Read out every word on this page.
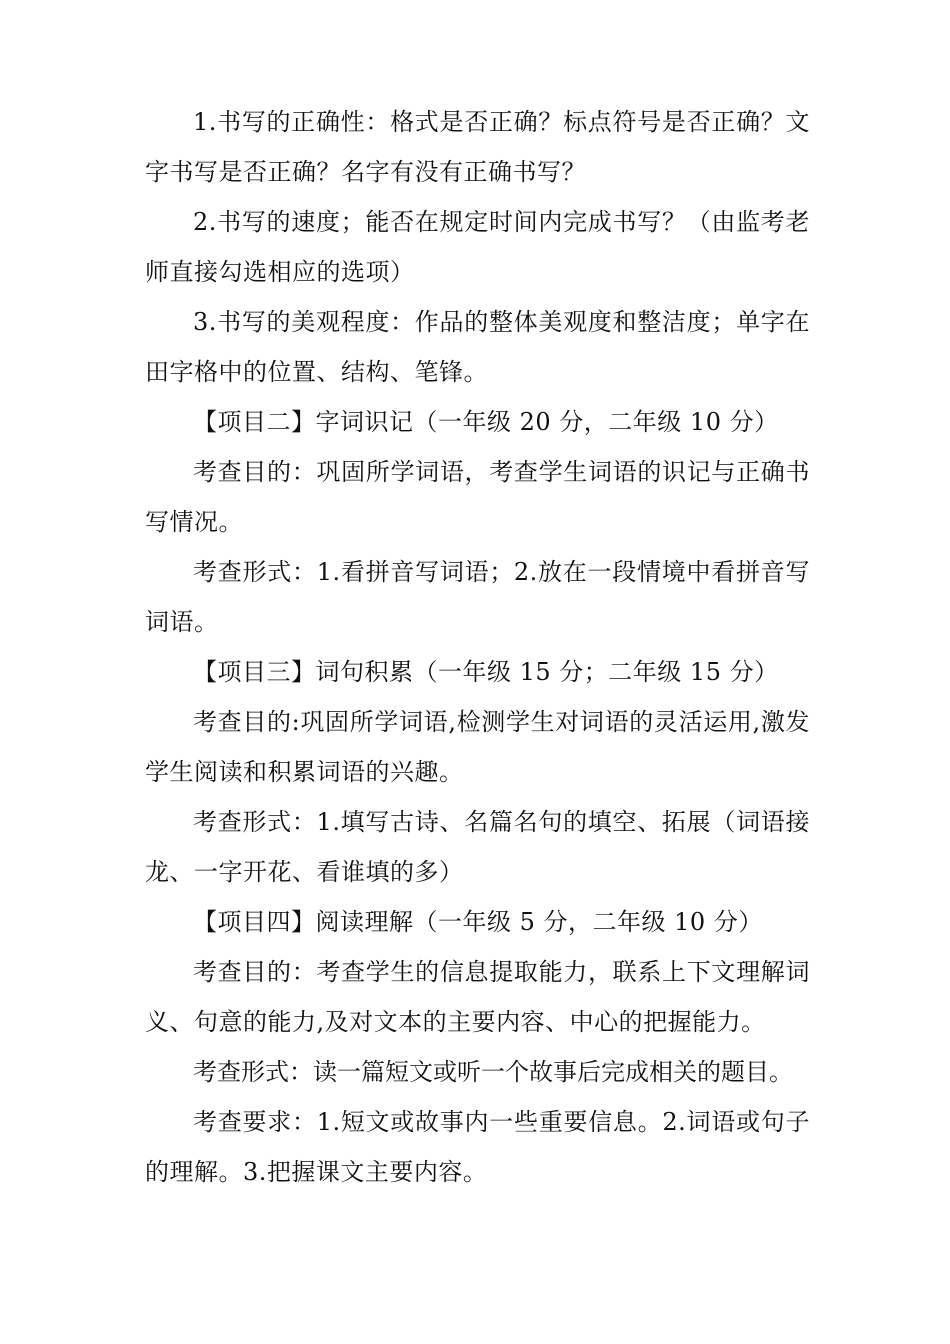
1.书写的正确性：格式是否正确？标点符号是否正确？文字书写是否正确？名字有没有正确书写？

2.书写的速度；能否在规定时间内完成书写？（由监考老师直接勾选相应的选项）

3.书写的美观程度：作品的整体美观度和整洁度；单字在田字格中的位置、结构、笔锋。

【项目二】字词识记（一年级 20 分，二年级 10 分）

考查目的：巩固所学词语，考查学生词语的识记与正确书写情况。

考查形式：1.看拼音写词语；2.放在一段情境中看拼音写词语。

【项目三】词句积累（一年级 15 分；二年级 15 分）

考查目的:巩固所学词语,检测学生对词语的灵活运用,激发学生阅读和积累词语的兴趣。

考查形式：1.填写古诗、名篇名句的填空、拓展（词语接龙、一字开花、看谁填的多）

【项目四】阅读理解（一年级 5 分，二年级 10 分）

考查目的：考查学生的信息提取能力，联系上下文理解词义、句意的能力,及对文本的主要内容、中心的把握能力。

考查形式：读一篇短文或听一个故事后完成相关的题目。

考查要求：1.短文或故事内一些重要信息。2.词语或句子的理解。3.把握课文主要内容。
